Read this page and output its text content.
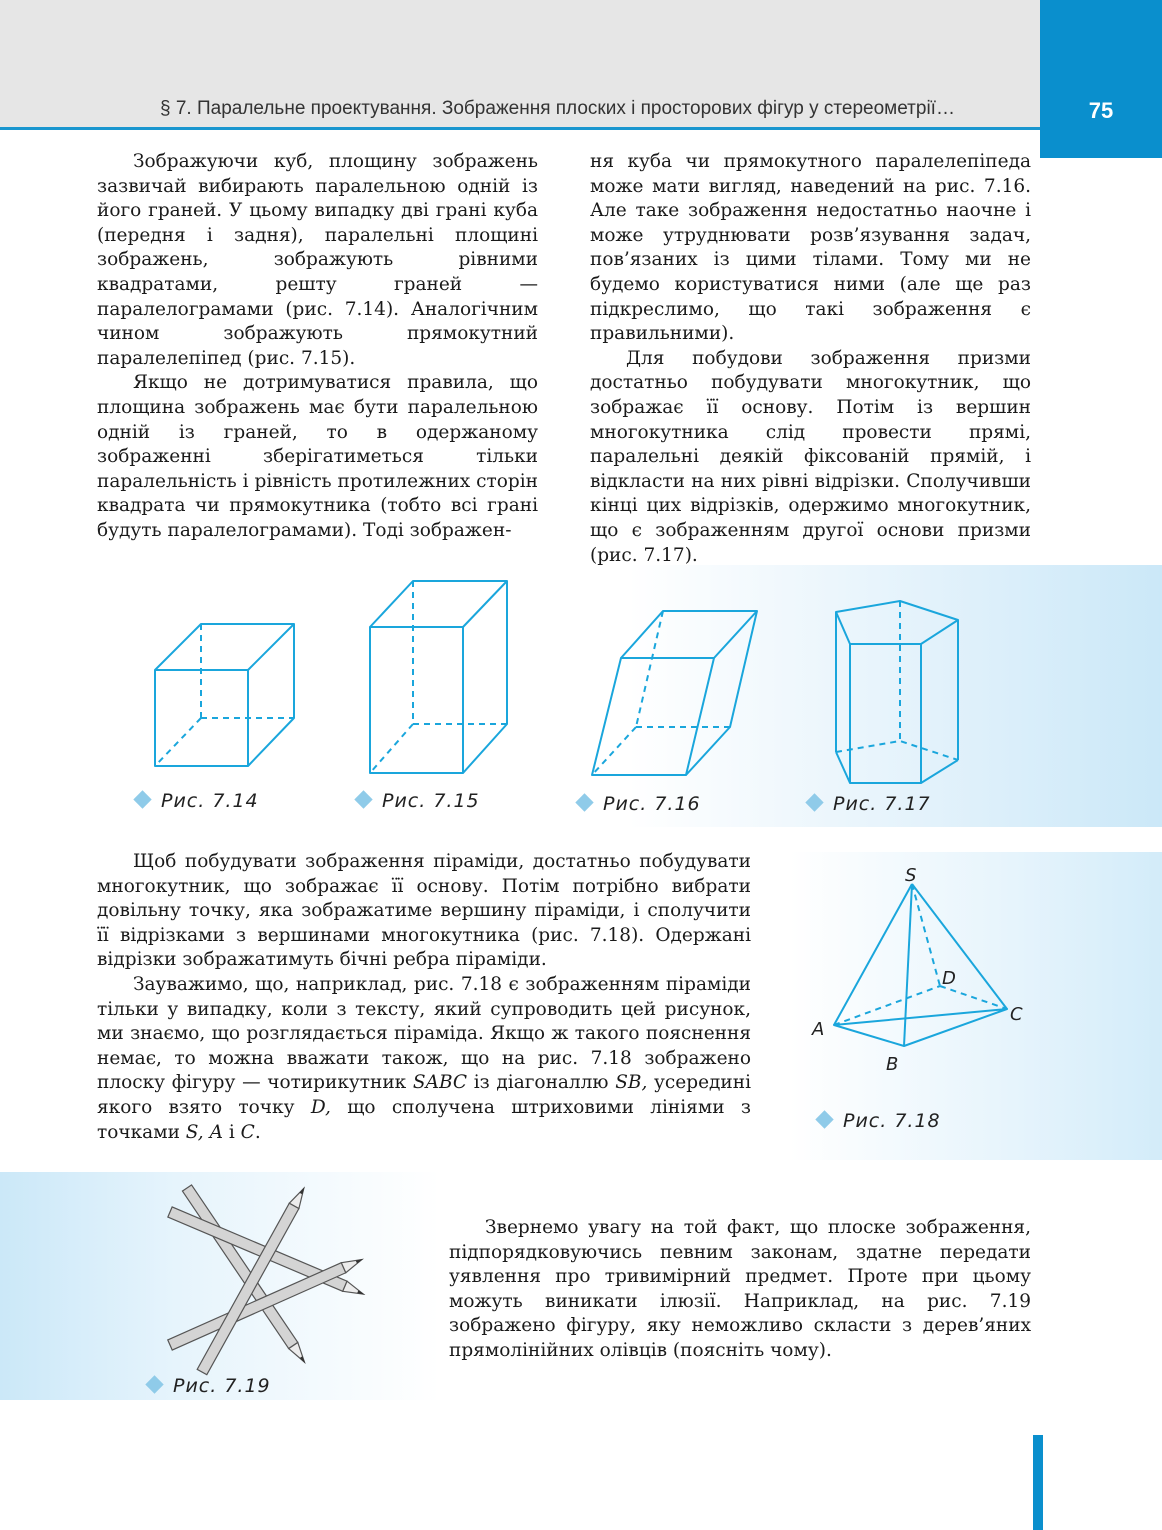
§ 7. Паралельне проектування. Зображення плоских і просторових фігур у стереометрії…	75

Зображуючи куб, площину зображень зазвичай вибирають паралельною одній із його граней. У цьому випадку дві грані куба (передня і задня), паралельні площині зображень, зображують рівними квадратами, решту граней — паралелограмами (рис. 7.14). Аналогічним чином зображують прямокутний паралелепіпед (рис. 7.15).

Якщо не дотримуватися правила, що площина зображень має бути паралельною одній із граней, то в одержаному зображенні зберігатиметься тільки паралельність і рівність протилежних сторін квадрата чи прямокутника (тобто всі грані будуть паралелограмами). Тоді зображен-

ня куба чи прямокутного паралелепіпеда може мати вигляд, наведений на рис. 7.16. Але таке зображення недостатньо наочне і може утруднювати розв’язування задач, пов’язаних із цими тілами. Тому ми не будемо користуватися ними (але ще раз підкреслимо, що такі зображення є правильними).

Для побудови зображення призми достатньо побудувати многокутник, що зображає її основу. Потім із вершин многокутника слід провести прямі, паралельні деякій фіксованій прямій, і відкласти на них рівні відрізки. Сполучивши кінці цих відрізків, одержимо многокутник, що є зображенням другої основи призми (рис. 7.17).

Рис. 7.14	Рис. 7.15	Рис. 7.16	Рис. 7.17

Щоб побудувати зображення піраміди, достатньо побудувати многокутник, що зображає її основу. Потім потрібно вибрати довільну точку, яка зображатиме вершину піраміди, і сполучити її відрізками з вершинами многокутника (рис. 7.18). Одержані відрізки зображатимуть бічні ребра піраміди.

Зауважимо, що, наприклад, рис. 7.18 є зображенням піраміди тільки у випадку, коли з тексту, який супроводить цей рисунок, ми знаємо, що розглядається піраміда. Якщо ж такого пояснення немає, то можна вважати також, що на рис. 7.18 зображено плоску фігуру — чотирикутник SABC із діагоналлю SB, усередині якого взято точку D, що сполучена штриховими лініями з точками S, A і C.

S
D
A
C
B
Рис. 7.18
Рис. 7.19

Звернемо увагу на той факт, що плоске зображення, підпорядковуючись певним законам, здатне передати уявлення про тривимірний предмет. Проте при цьому можуть виникати ілюзії. Наприклад, на рис. 7.19 зображено фігуру, яку неможливо скласти з дерев’яних прямолінійних олівців (поясніть чому).
